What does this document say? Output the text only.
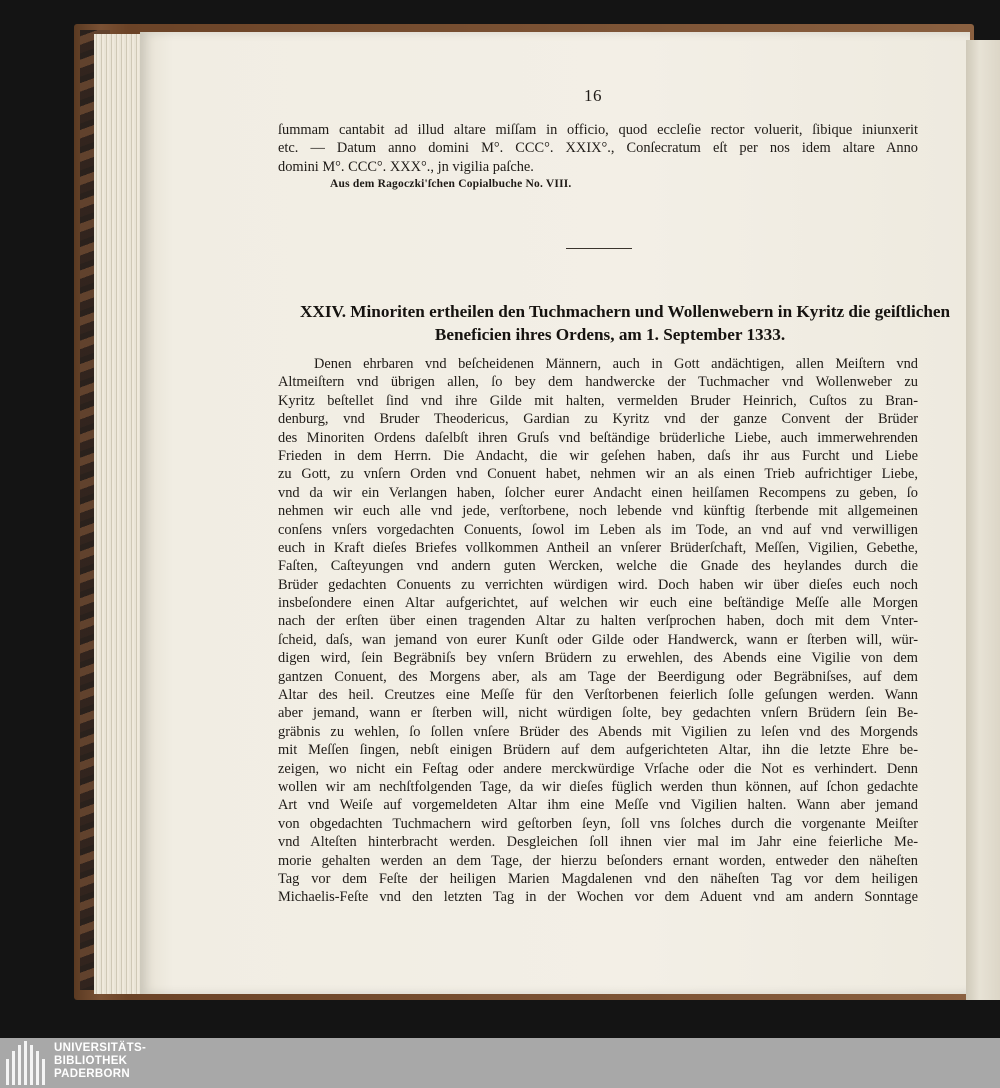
16
ſummam cantabit ad illud altare miſſam in officio, quod eccleſie rector voluerit, ſibique iniunxerit
etc. — Datum anno domini M°. CCC°. XXIX°., Conſecratum eſt per nos idem altare Anno
domini M°. CCC°. XXX°., jn vigilia paſche.
Aus dem Ragoczki'ſchen Copialbuche No. VIII.
XXIV. Minoriten ertheilen den Tuchmachern und Wollenwebern in Kyritz die geiſtlichen
Beneficien ihres Ordens, am 1. September 1333.
Denen ehrbaren vnd beſcheidenen Männern, auch in Gott andächtigen, allen Meiſtern vnd
Altmeiſtern vnd übrigen allen, ſo bey dem handwercke der Tuchmacher vnd Wollenweber zu
Kyritz beſtellet ſind vnd ihre Gilde mit halten, vermelden Bruder Heinrich, Cuſtos zu Bran-
denburg, vnd Bruder Theodericus, Gardian zu Kyritz vnd der ganze Convent der Brüder
des Minoriten Ordens daſelbſt ihren Gruſs vnd beſtändige brüderliche Liebe, auch immerwehrenden
Frieden in dem Herrn. Die Andacht, die wir geſehen haben, daſs ihr aus Furcht und Liebe
zu Gott, zu vnſern Orden vnd Conuent habet, nehmen wir an als einen Trieb aufrichtiger Liebe,
vnd da wir ein Verlangen haben, ſolcher eurer Andacht einen heilſamen Recompens zu geben, ſo
nehmen wir euch alle vnd jede, verſtorbene, noch lebende vnd künftig ſterbende mit allgemeinen
conſens vnſers vorgedachten Conuents, ſowol im Leben als im Tode, an vnd auf vnd verwilligen
euch in Kraft dieſes Briefes vollkommen Antheil an vnſerer Brüderſchaft, Meſſen, Vigilien, Gebethe,
Faſten, Caſteyungen vnd andern guten Wercken, welche die Gnade des heylandes durch die
Brüder gedachten Conuents zu verrichten würdigen wird. Doch haben wir über dieſes euch noch
insbeſondere einen Altar aufgerichtet, auf welchen wir euch eine beſtändige Meſſe alle Morgen
nach der erſten über einen tragenden Altar zu halten verſprochen haben, doch mit dem Vnter-
ſcheid, daſs, wan jemand von eurer Kunſt oder Gilde oder Handwerck, wann er ſterben will, wür-
digen wird, ſein Begräbniſs bey vnſern Brüdern zu erwehlen, des Abends eine Vigilie von dem
gantzen Conuent, des Morgens aber, als am Tage der Beerdigung oder Begräbniſses, auf dem
Altar des heil. Creutzes eine Meſſe für den Verſtorbenen feierlich ſolle geſungen werden. Wann
aber jemand, wann er ſterben will, nicht würdigen ſolte, bey gedachten vnſern Brüdern ſein Be-
gräbnis zu wehlen, ſo ſollen vnſere Brüder des Abends mit Vigilien zu leſen vnd des Morgends
mit Meſſen ſingen, nebſt einigen Brüdern auf dem aufgerichteten Altar, ihn die letzte Ehre be-
zeigen, wo nicht ein Feſtag oder andere merckwürdige Vrſache oder die Not es verhindert. Denn
wollen wir am nechſtfolgenden Tage, da wir dieſes füglich werden thun können, auf ſchon gedachte
Art vnd Weiſe auf vorgemeldeten Altar ihm eine Meſſe vnd Vigilien halten. Wann aber jemand
von obgedachten Tuchmachern wird geſtorben ſeyn, ſoll vns ſolches durch die vorgenante Meiſter
vnd Alteſten hinterbracht werden. Desgleichen ſoll ihnen vier mal im Jahr eine feierliche Me-
morie gehalten werden an dem Tage, der hierzu beſonders ernant worden, entweder den näheſten
Tag vor dem Feſte der heiligen Marien Magdalenen vnd den näheſten Tag vor dem heiligen
Michaelis-Feſte vnd den letzten Tag in der Wochen vor dem Aduent vnd am andern Sonntage
UNIVERSITÄTS-
BIBLIOTHEK
PADERBORN
